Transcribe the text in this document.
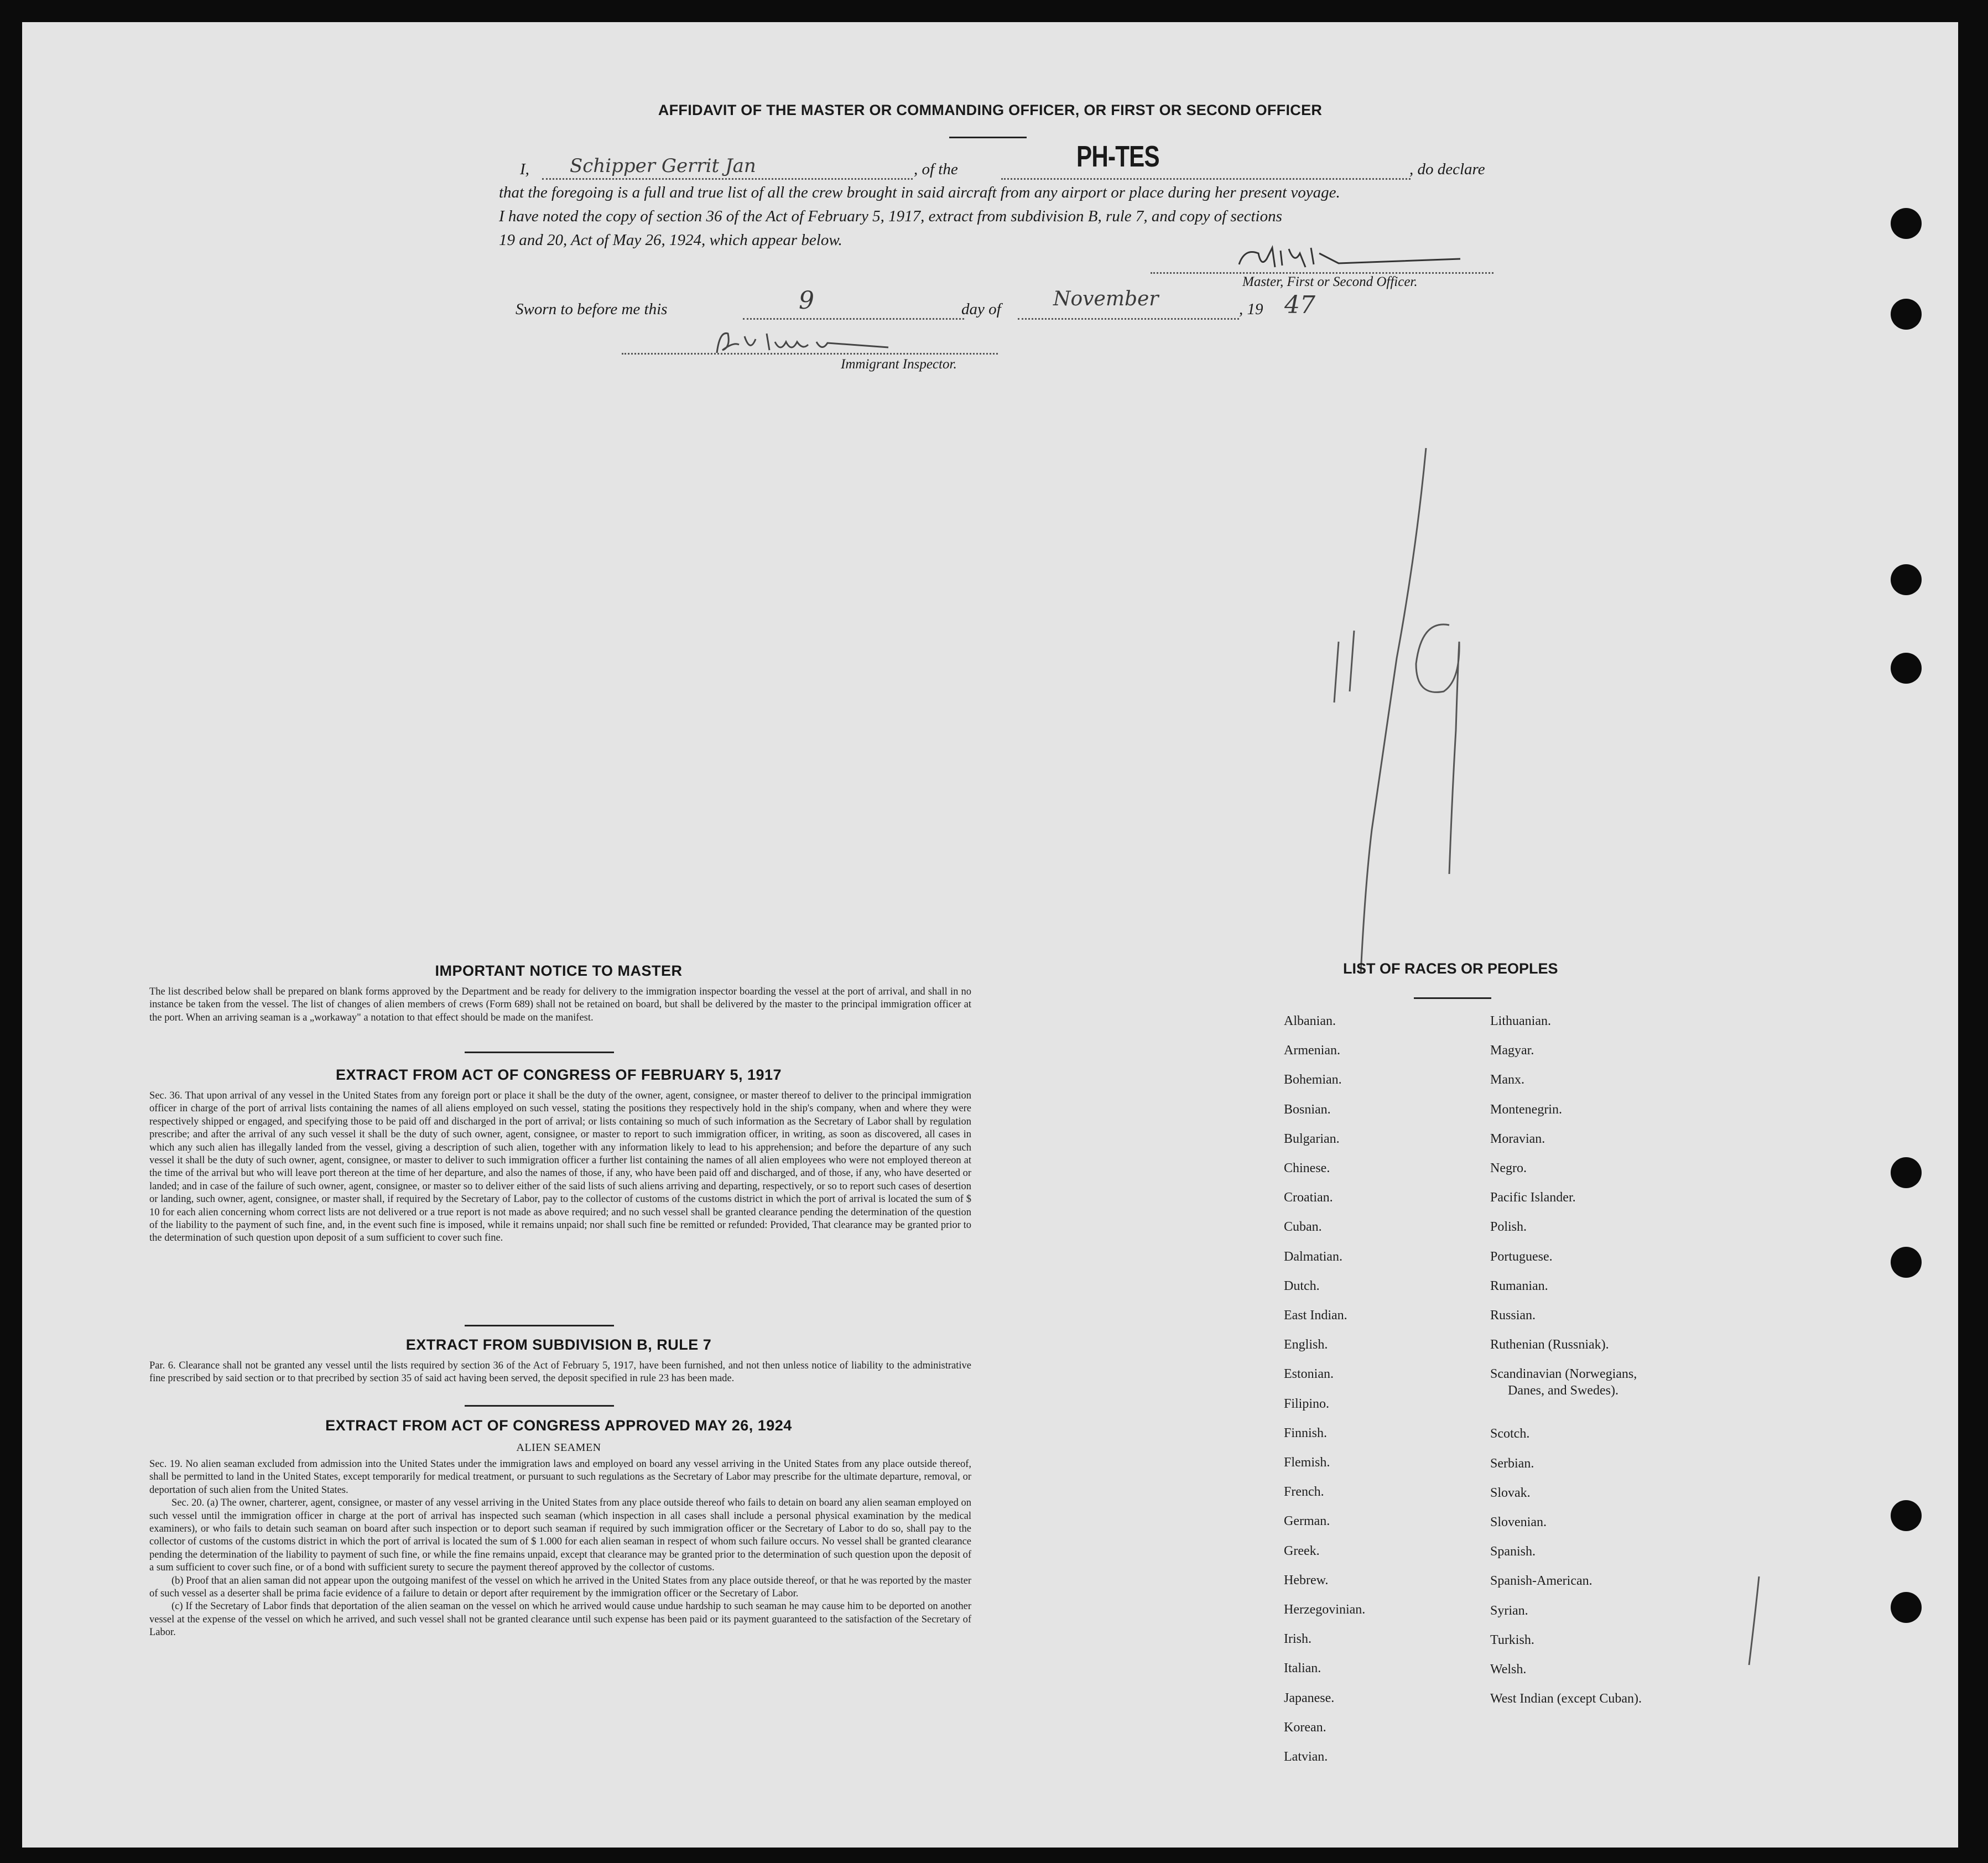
AFFIDAVIT OF THE MASTER OR COMMANDING OFFICER, OR FIRST OR SECOND OFFICER
I, Schipper Gerrit Jan	, of the	PH-TES	, do declare
that the foregoing is a full and true list of all the crew brought in said aircraft from any airport or place during her present voyage.
I have noted the copy of section 36 of the Act of February 5, 1917, extract from subdivision B, rule 7, and copy of sections
19 and 20, Act of May 26, 1924, which appear below.
Master, First or Second Officer.
Sworn to before me this	9	day of	November	, 19 47
Immigrant Inspector.
IMPORTANT NOTICE TO MASTER
The list described below shall be prepared on blank forms approved by the Department and be ready for delivery to the immigration inspector boarding the vessel at the port of arrival, and shall in no instance be taken from the vessel. The list of changes of alien members of crews (Form 689) shall not be retained on board, but shall be delivered by the master to the principal immigration officer at the port. When an arriving seaman is a „workaway" a notation to that effect should be made on the manifest.
EXTRACT FROM ACT OF CONGRESS OF FEBRUARY 5, 1917
Sec. 36. That upon arrival of any vessel in the United States from any foreign port or place it shall be the duty of the owner, agent, consignee, or master thereof to deliver to the principal immigration officer in charge of the port of arrival lists containing the names of all aliens employed on such vessel, stating the positions they respectively hold in the ship's company, when and where they were respectively shipped or engaged, and specifying those to be paid off and discharged in the port of arrival; or lists containing so much of such information as the Secretary of Labor shall by regulation prescribe; and after the arrival of any such vessel it shall be the duty of such owner, agent, consignee, or master to report to such immigration officer, in writing, as soon as discovered, all cases in which any such alien has illegally landed from the vessel, giving a description of such alien, together with any information likely to lead to his apprehension; and before the departure of any such vessel it shall be the duty of such owner, agent, consignee, or master to deliver to such immigration officer a further list containing the names of all alien employees who were not employed thereon at the time of the arrival but who will leave port thereon at the time of her departure, and also the names of those, if any, who have been paid off and discharged, and of those, if any, who have deserted or landed; and in case of the failure of such owner, agent, consignee, or master so to deliver either of the said lists of such aliens arriving and departing, respectively, or so to report such cases of desertion or landing, such owner, agent, consignee, or master shall, if required by the Secretary of Labor, pay to the collector of customs of the customs district in which the port of arrival is located the sum of $ 10 for each alien concerning whom correct lists are not delivered or a true report is not made as above required; and no such vessel shall be granted clearance pending the determination of the question of the liability to the payment of such fine, and, in the event such fine is imposed, while it remains unpaid; nor shall such fine be remitted or refunded: Provided, That clearance may be granted prior to the determination of such question upon deposit of a sum sufficient to cover such fine.
EXTRACT FROM SUBDIVISION B, RULE 7
Par. 6. Clearance shall not be granted any vessel until the lists required by section 36 of the Act of February 5, 1917, have been furnished, and not then unless notice of liability to the administrative fine prescribed by said section or to that precribed by section 35 of said act having been served, the deposit specified in rule 23 has been made.
EXTRACT FROM ACT OF CONGRESS APPROVED MAY 26, 1924
ALIEN SEAMEN
Sec. 19. No alien seaman excluded from admission into the United States under the immigration laws and employed on board any vessel arriving in the United States from any place outside thereof, shall be permitted to land in the United States, except temporarily for medical treatment, or pursuant to such regulations as the Secretary of Labor may prescribe for the ultimate departure, removal, or deportation of such alien from the United States.
Sec. 20. (a) The owner, charterer, agent, consignee, or master of any vessel arriving in the United States from any place outside thereof who fails to detain on board any alien seaman employed on such vessel until the immigration officer in charge at the port of arrival has inspected such seaman (which inspection in all cases shall include a personal physical examination by the medical examiners), or who fails to detain such seaman on board after such inspection or to deport such seaman if required by such immigration officer or the Secretary of Labor to do so, shall pay to the collector of customs of the customs district in which the port of arrival is located the sum of $ 1.000 for each alien seaman in respect of whom such failure occurs. No vessel shall be granted clearance pending the determination of the liability to payment of such fine, or while the fine remains unpaid, except that clearance may be granted prior to the determination of such question upon the deposit of a sum sufficient to cover such fine, or of a bond with sufficient surety to secure the payment thereof approved by the collector of customs.
(b) Proof that an alien saman did not appear upon the outgoing manifest of the vessel on which he arrived in the United States from any place outside thereof, or that he was reported by the master of such vessel as a deserter shall be prima facie evidence of a failure to detain or deport after requirement by the immigration officer or the Secretary of Labor.
(c) If the Secretary of Labor finds that deportation of the alien seaman on the vessel on which he arrived would cause undue hardship to such seaman he may cause him to be deported on another vessel at the expense of the vessel on which he arrived, and such vessel shall not be granted clearance until such expense has been paid or its payment guaranteed to the satisfaction of the Secretary of Labor.
LIST OF RACES OR PEOPLES
Albanian.
Armenian.
Bohemian.
Bosnian.
Bulgarian.
Chinese.
Croatian.
Cuban.
Dalmatian.
Dutch.
East Indian.
English.
Estonian.
Filipino.
Finnish.
Flemish.
French.
German.
Greek.
Hebrew.
Herzegovinian.
Irish.
Italian.
Japanese.
Korean.
Latvian.
Lithuanian.
Magyar.
Manx.
Montenegrin.
Moravian.
Negro.
Pacific Islander.
Polish.
Portuguese.
Rumanian.
Russian.
Ruthenian (Russniak).
Scandinavian (Norwegians,
Danes, and Swedes).
Scotch.
Serbian.
Slovak.
Slovenian.
Spanish.
Spanish-American.
Syrian.
Turkish.
Welsh.
West Indian (except Cuban).
